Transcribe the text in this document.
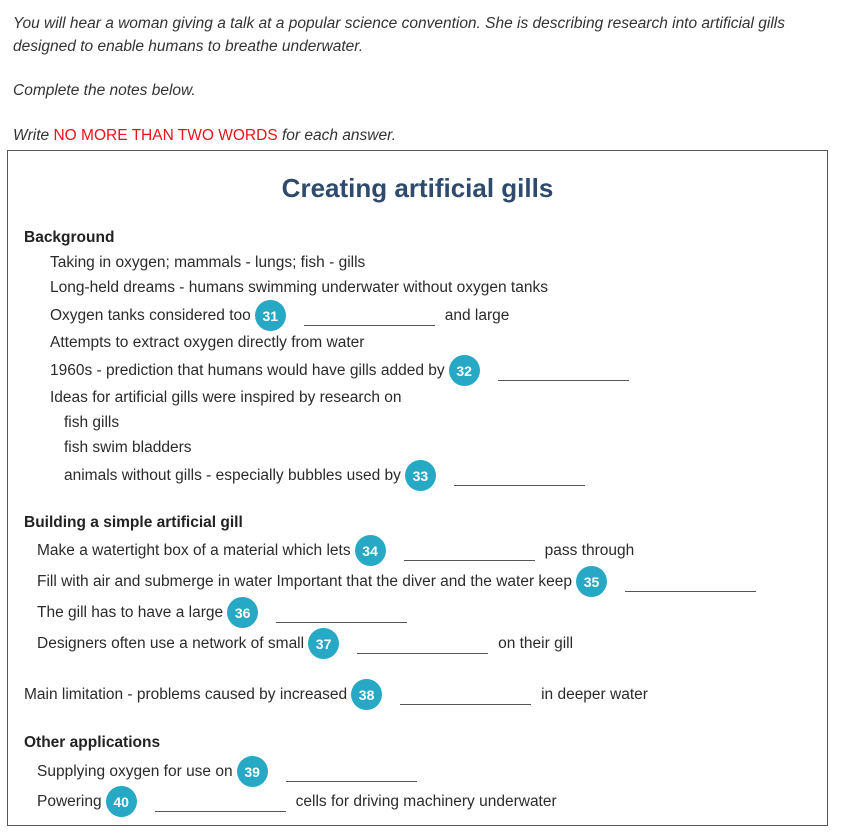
You will hear a woman giving a talk at a popular science convention. She is describing research into artificial gills designed to enable humans to breathe underwater.

Complete the notes below.
Write NO MORE THAN TWO WORDS for each answer.
Creating artificial gills
Background
Taking in oxygen; mammals - lungs; fish - gills
Long-held dreams - humans swimming underwater without oxygen tanks
Oxygen tanks considered too 31	and large
Attempts to extract oxygen directly from water
1960s - prediction that humans would have gills added by 32
Ideas for artificial gills were inspired by research on
fish gills
fish swim bladders
animals without gills - especially bubbles used by 33
Building a simple artificial gill
Make a watertight box of a material which lets 34	pass through
Fill with air and submerge in water Important that the diver and the water keep 35
The gill has to have a large 36
Designers often use a network of small 37	on their gill
Main limitation - problems caused by increased 38	in deeper water
Other applications
Supplying oxygen for use on 39
Powering 40	cells for driving machinery underwater
